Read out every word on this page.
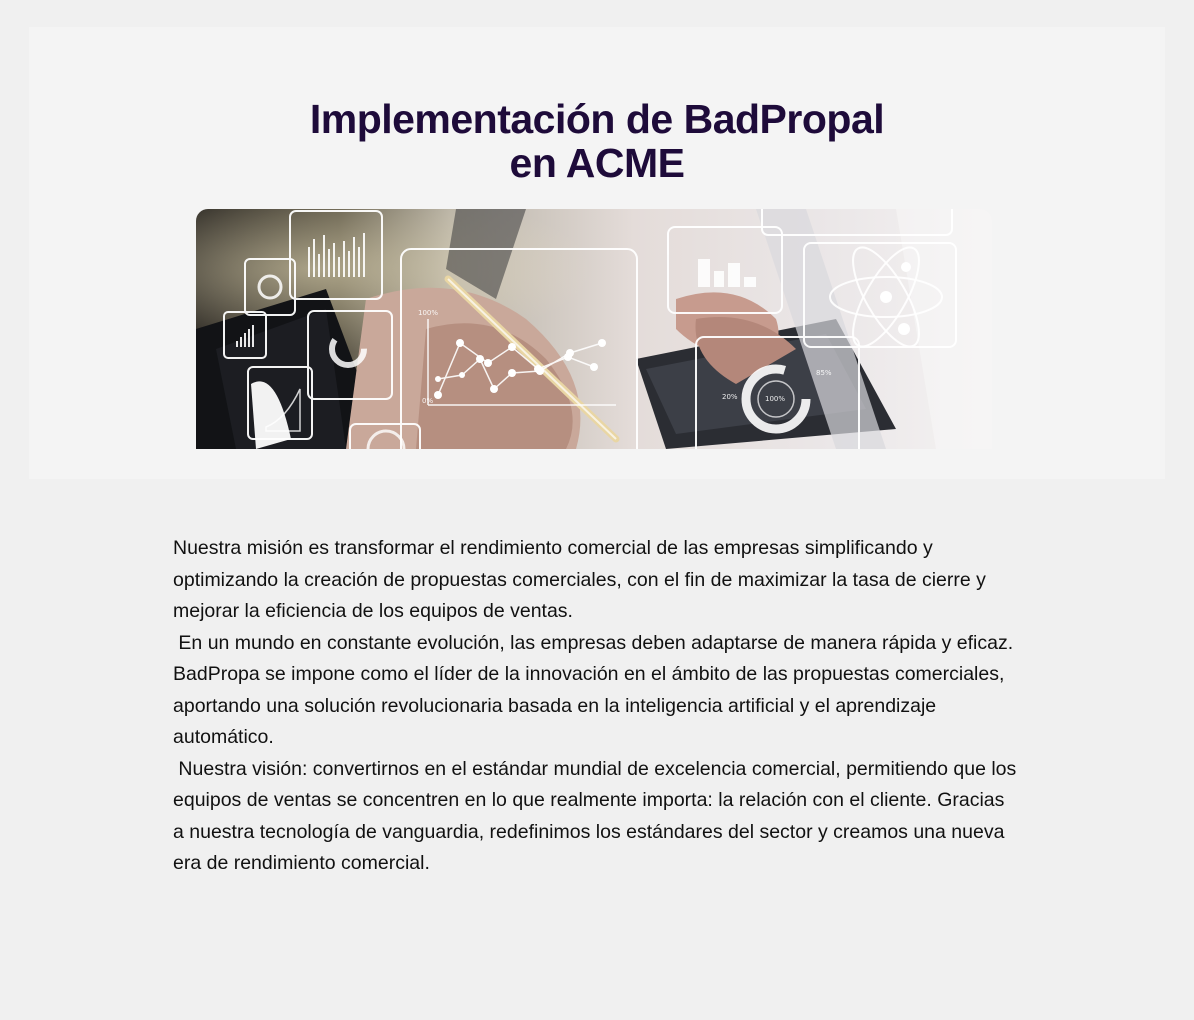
Implementación de BadPropal
en ACME
100%
0%
85%
20%	100%

Nuestra misión es transformar el rendimiento comercial de las empresas simplificando y optimizando la creación de propuestas comerciales, con el fin de maximizar la tasa de cierre y mejorar la eficiencia de los equipos de ventas.

En un mundo en constante evolución, las empresas deben adaptarse de manera rápida y eficaz. BadPropa se impone como el líder de la innovación en el ámbito de las propuestas comerciales, aportando una solución revolucionaria basada en la inteligencia artificial y el aprendizaje automático.

Nuestra visión: convertirnos en el estándar mundial de excelencia comercial, permitiendo que los equipos de ventas se concentren en lo que realmente importa: la relación con el cliente. Gracias a nuestra tecnología de vanguardia, redefinimos los estándares del sector y creamos una nueva era de rendimiento comercial.
